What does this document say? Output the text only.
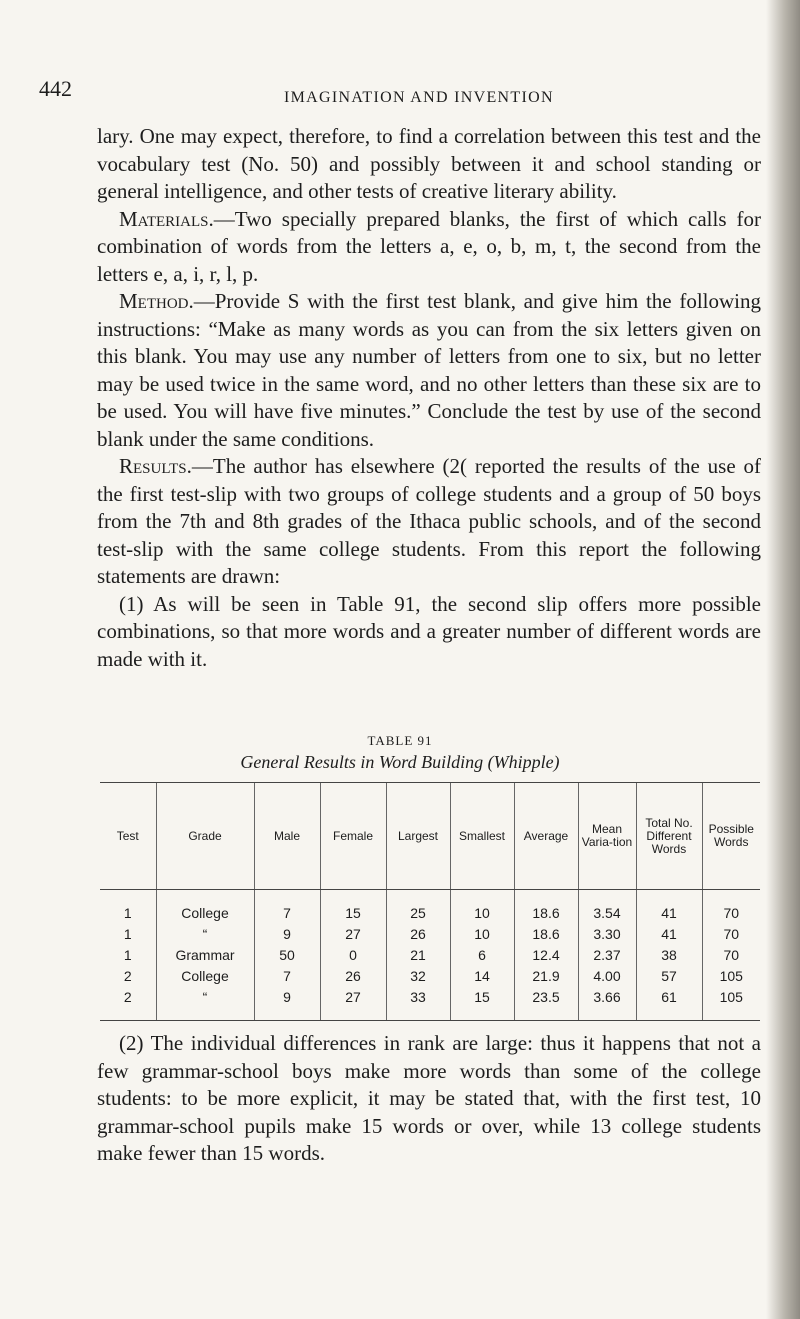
442	IMAGINATION AND INVENTION

lary. One may expect, therefore, to find a correlation between this test and the vocabulary test (No. 50) and possibly between it and school standing or general intelligence, and other tests of creative literary ability.

Materials.—Two specially prepared blanks, the first of which calls for combination of words from the letters a, e, o, b, m, t, the second from the letters e, a, i, r, l, p.

Method.—Provide S with the first test blank, and give him the following instructions: “Make as many words as you can from the six letters given on this blank. You may use any number of letters from one to six, but no letter may be used twice in the same word, and no other letters than these six are to be used. You will have five minutes.” Conclude the test by use of the second blank under the same conditions.

Results.—The author has elsewhere (2( reported the results of the use of the first test-slip with two groups of college students and a group of 50 boys from the 7th and 8th grades of the Ithaca public schools, and of the second test-slip with the same college students. From this report the following statements are drawn:

(1) As will be seen in Table 91, the second slip offers more possible combinations, so that more words and a greater number of different words are made with it.

TABLE 91
General Results in Word Building (Whipple)
Test	Grade	Male	Female	Largest	Smallest	Average	Mean Varia-tion	Total No. Different Words	Possible Words
1	College	7	15	25	10	18.6	3.54	41	70
1	“	9	27	26	10	18.6	3.30	41	70
1	Grammar	50	0	21	6	12.4	2.37	38	70
2	College	7	26	32	14	21.9	4.00	57	105
2	“	9	27	33	15	23.5	3.66	61	105

(2) The individual differences in rank are large: thus it happens that not a few grammar-school boys make more words than some of the college students: to be more explicit, it may be stated that, with the first test, 10 grammar-school pupils make 15 words or over, while 13 college students make fewer than 15 words.
